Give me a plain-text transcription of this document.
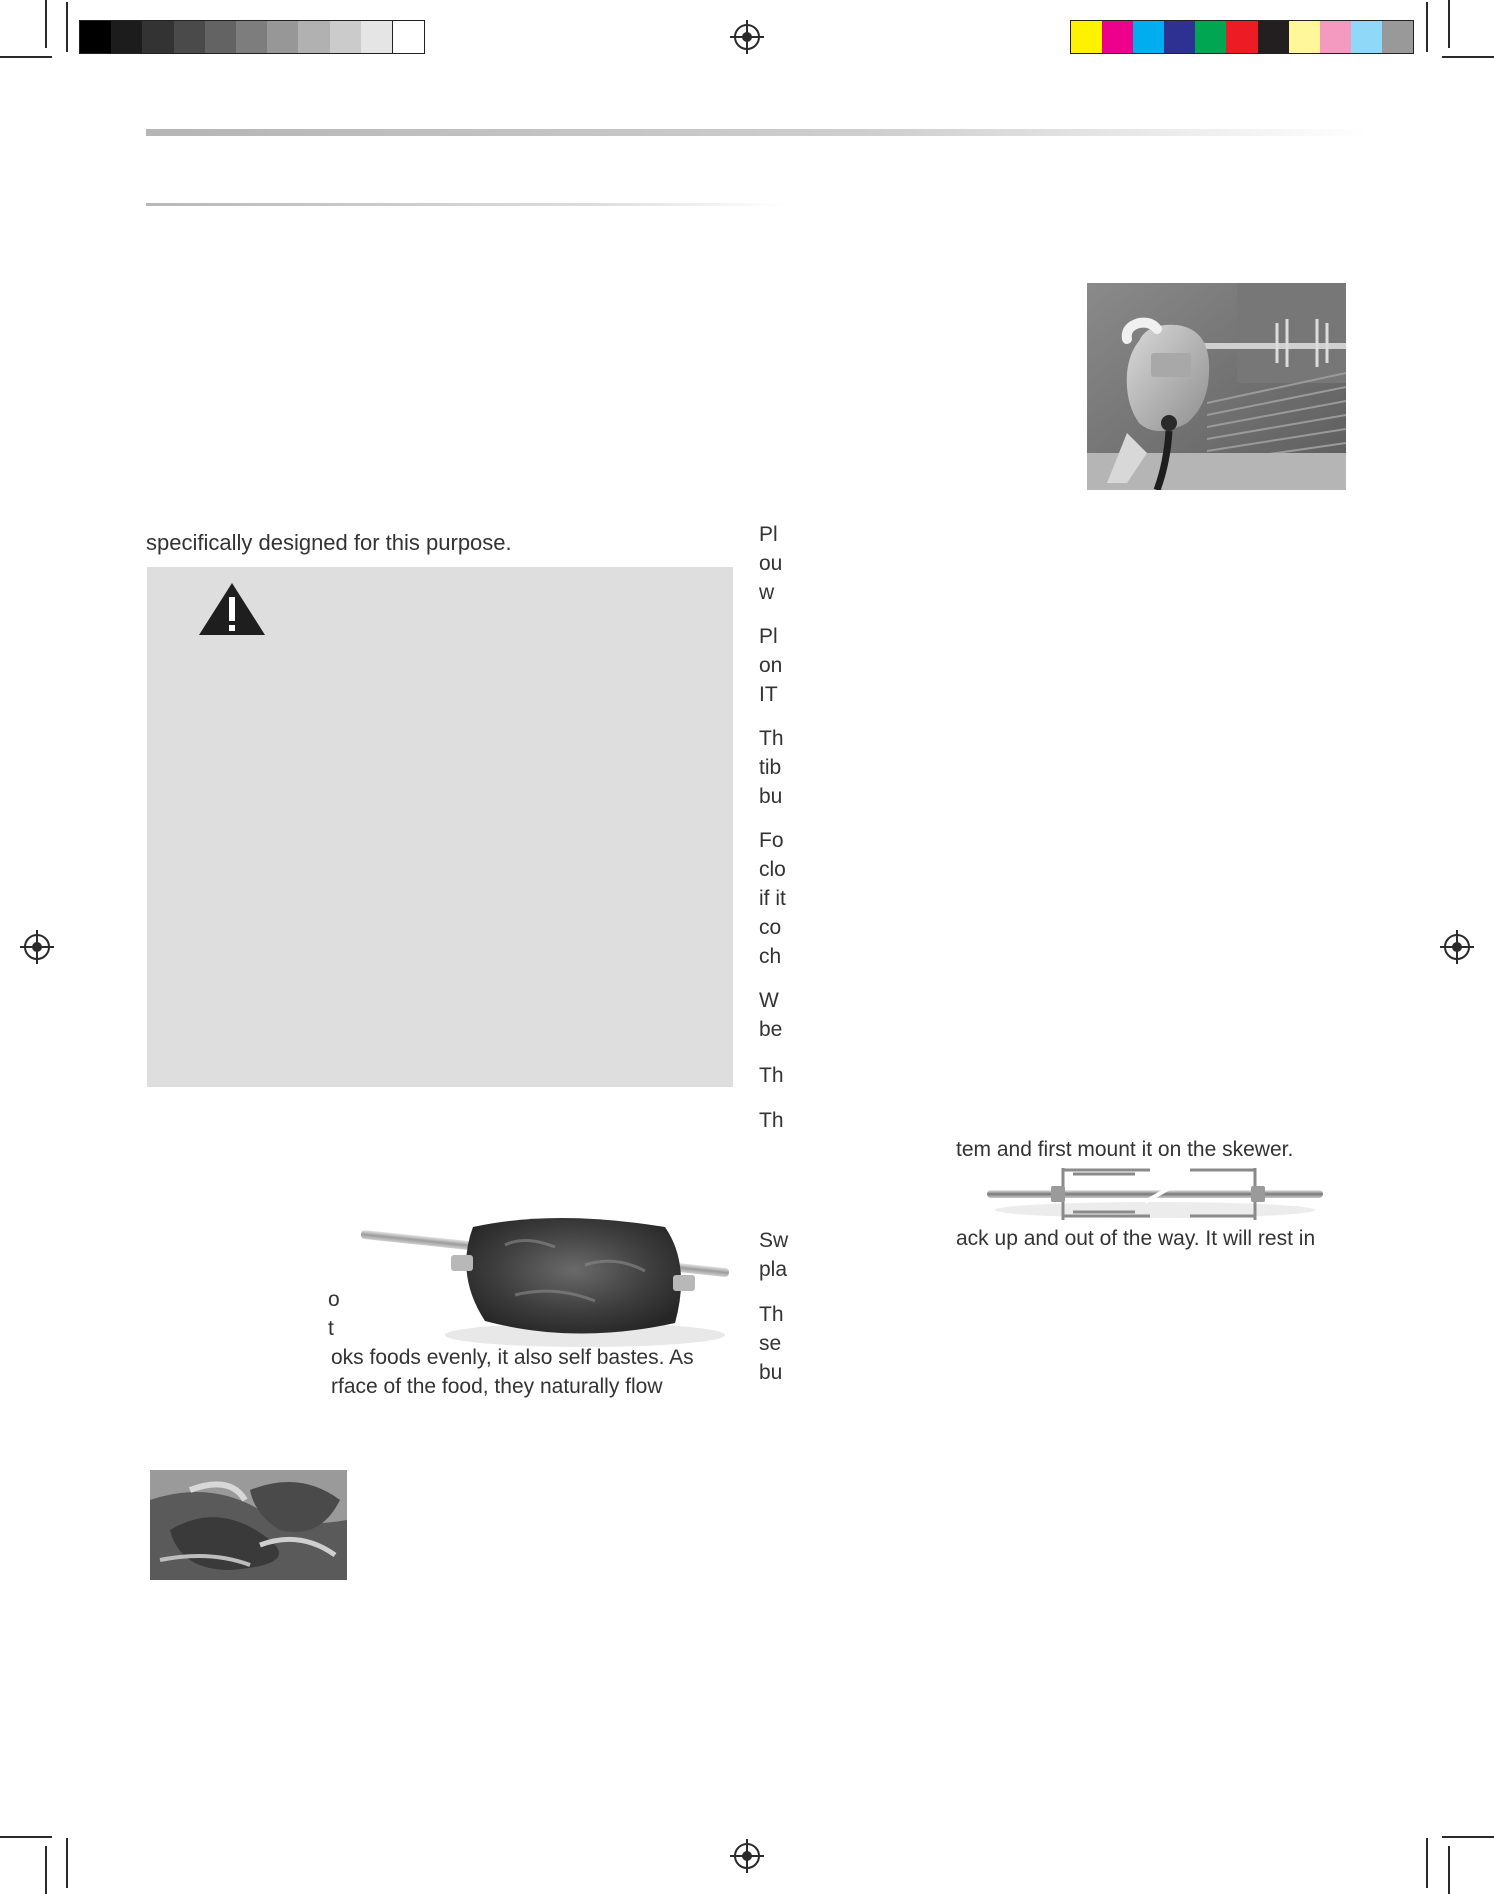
specifically designed for this purpose.
o
t
oks foods evenly, it also self bastes. As
rface of the food, they naturally flow
Pl
ou
w
Pl
on
IT
Th
tib
bu
Fo
clo
if it
co
ch
W
be
Th
Th
Sw
pla
Th
se
bu
tem and first mount it on the skewer.
ack up and out of the way. It will rest in
